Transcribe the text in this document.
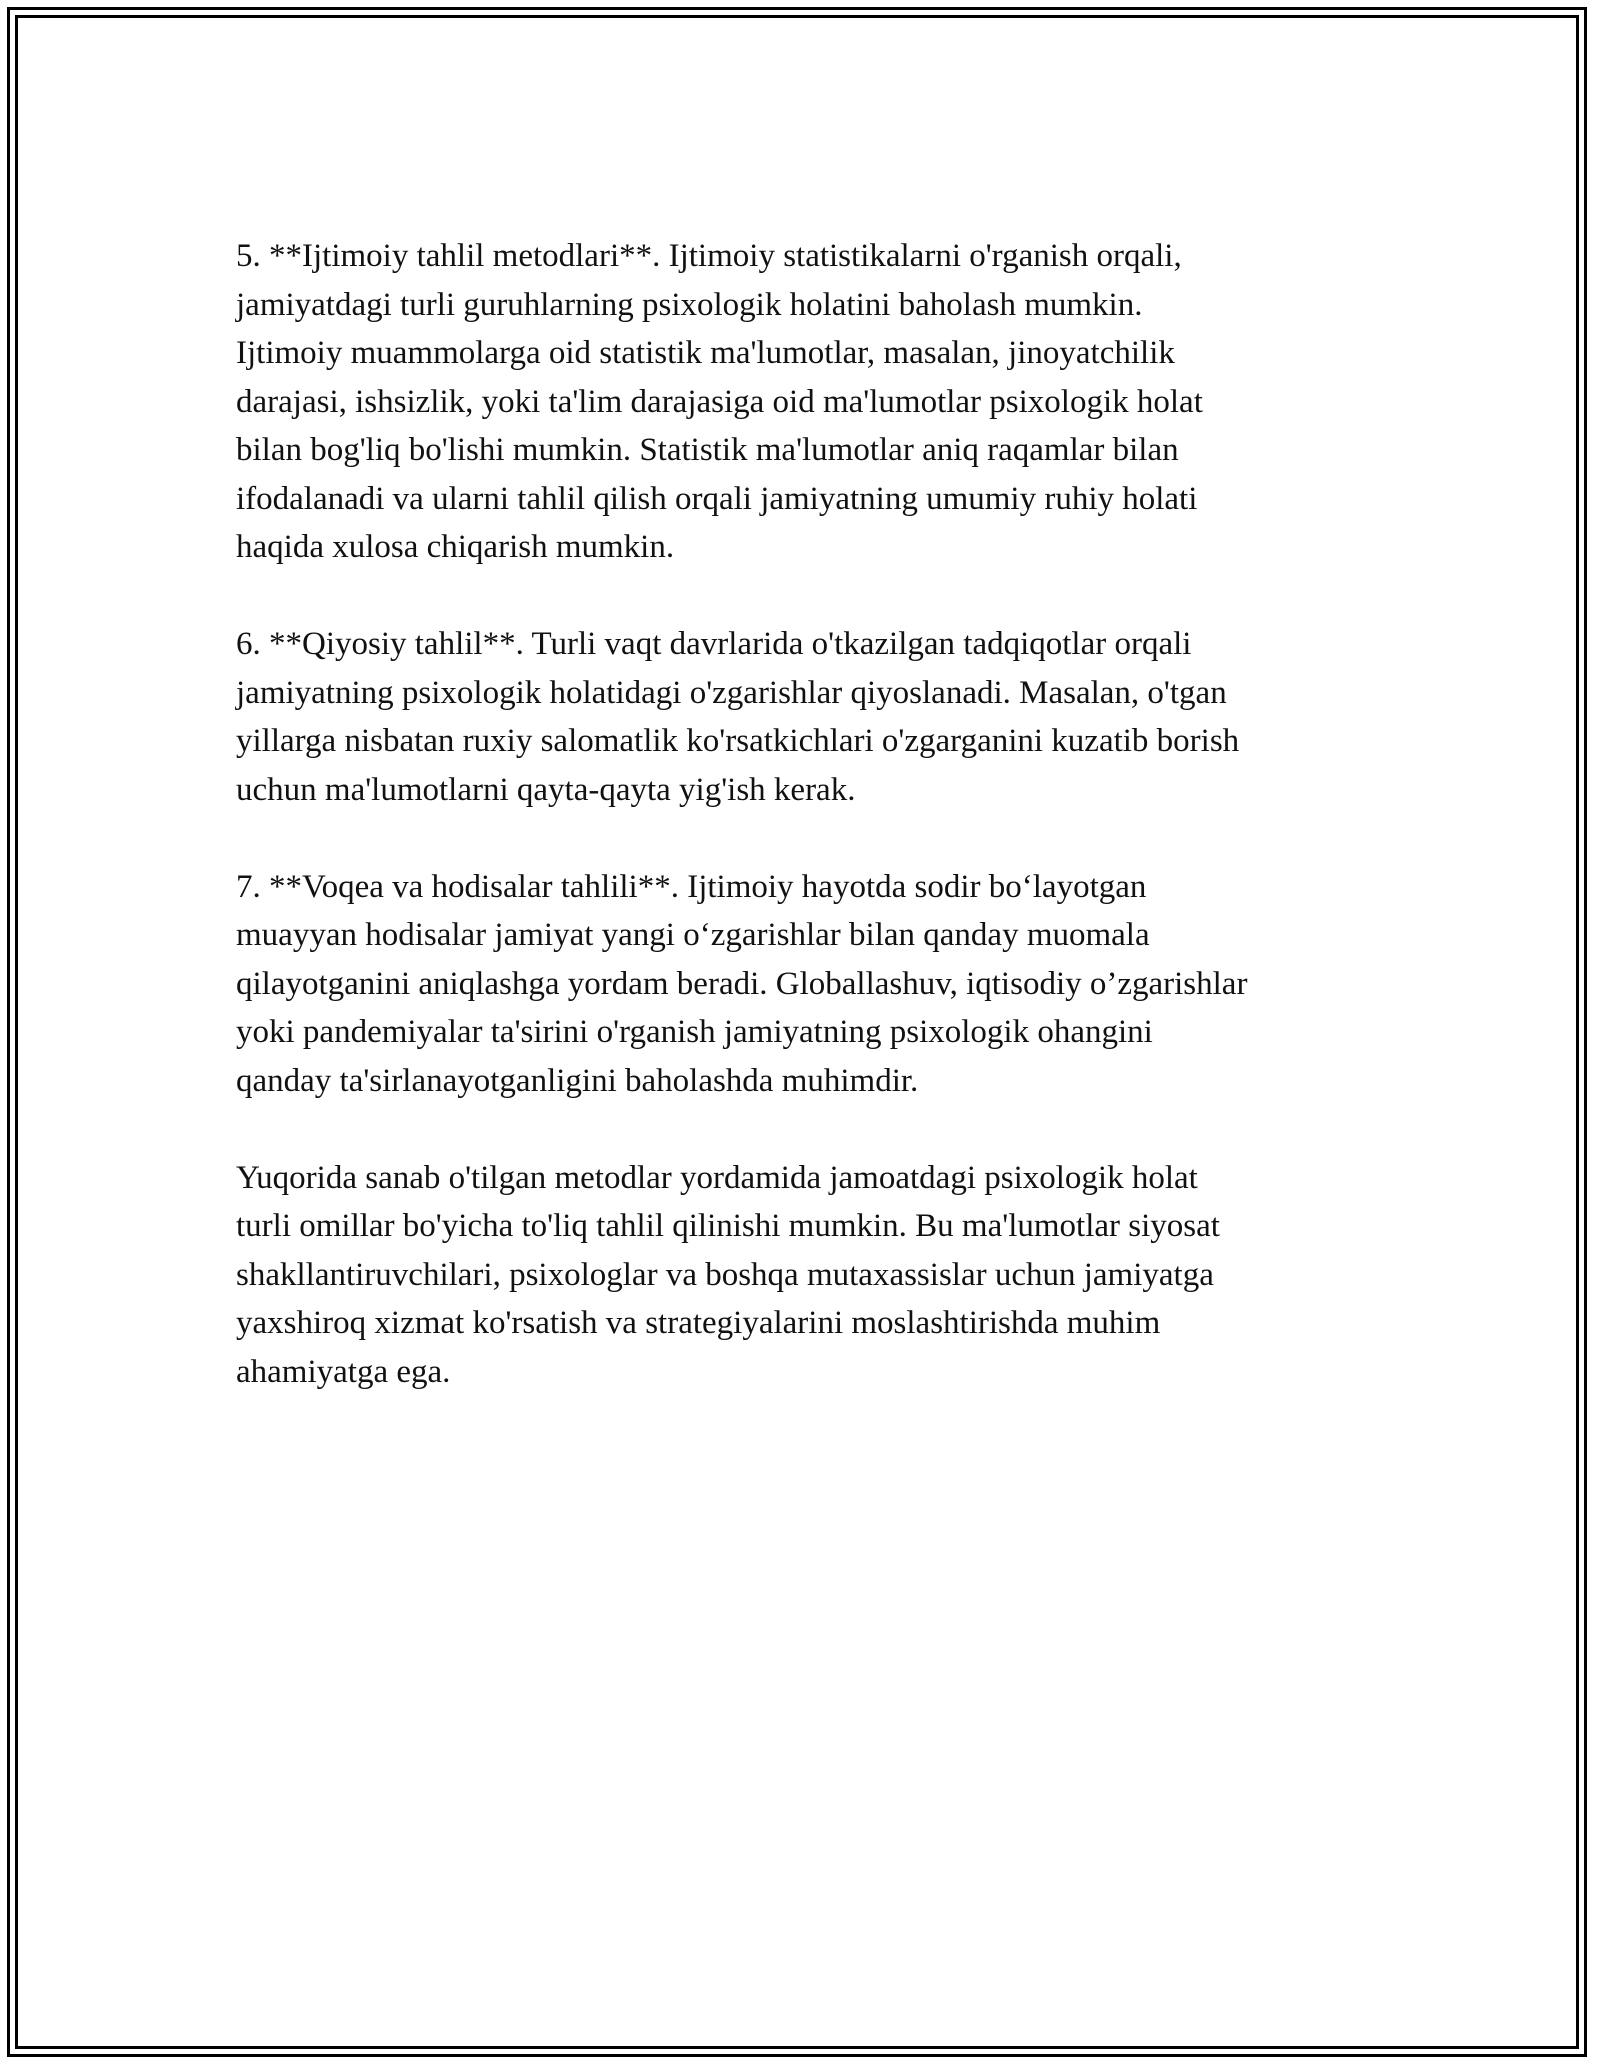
5. **Ijtimoiy tahlil metodlari**. Ijtimoiy statistikalarni o'rganish orqali,
jamiyatdagi turli guruhlarning psixologik holatini baholash mumkin.
Ijtimoiy muammolarga oid statistik ma'lumotlar, masalan, jinoyatchilik
darajasi, ishsizlik, yoki ta'lim darajasiga oid ma'lumotlar psixologik holat
bilan bog'liq bo'lishi mumkin. Statistik ma'lumotlar aniq raqamlar bilan
ifodalanadi va ularni tahlil qilish orqali jamiyatning umumiy ruhiy holati
haqida xulosa chiqarish mumkin.

6. **Qiyosiy tahlil**. Turli vaqt davrlarida o'tkazilgan tadqiqotlar orqali
jamiyatning psixologik holatidagi o'zgarishlar qiyoslanadi. Masalan, o'tgan
yillarga nisbatan ruxiy salomatlik ko'rsatkichlari o'zgarganini kuzatib borish
uchun ma'lumotlarni qayta-qayta yig'ish kerak.

7. **Voqea va hodisalar tahlili**. Ijtimoiy hayotda sodir bo‘layotgan
muayyan hodisalar jamiyat yangi o‘zgarishlar bilan qanday muomala
qilayotganini aniqlashga yordam beradi. Globallashuv, iqtisodiy o’zgarishlar
yoki pandemiyalar ta'sirini o'rganish jamiyatning psixologik ohangini
qanday ta'sirlanayotganligini baholashda muhimdir.

Yuqorida sanab o'tilgan metodlar yordamida jamoatdagi psixologik holat
turli omillar bo'yicha to'liq tahlil qilinishi mumkin. Bu ma'lumotlar siyosat
shakllantiruvchilari, psixologlar va boshqa mutaxassislar uchun jamiyatga
yaxshiroq xizmat ko'rsatish va strategiyalarini moslashtirishda muhim
ahamiyatga ega.
